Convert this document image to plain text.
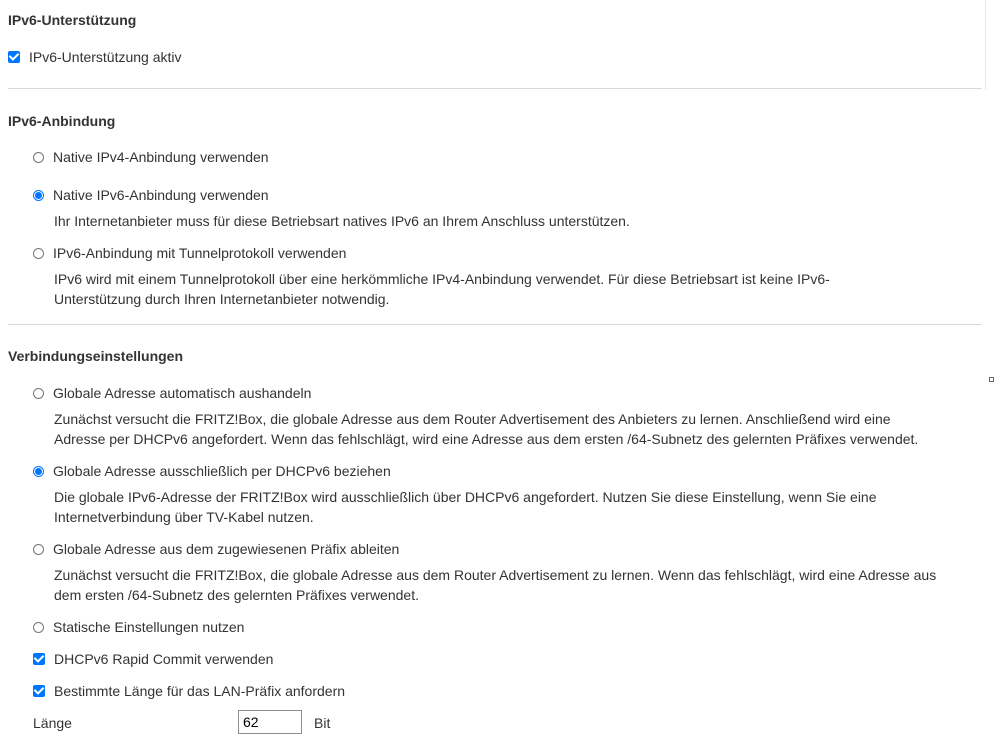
IPv6-Unterstützung
IPv6-Unterstützung aktiv
IPv6-Anbindung
Native IPv4-Anbindung verwenden
Native IPv6-Anbindung verwenden
Ihr Internetanbieter muss für diese Betriebsart natives IPv6 an Ihrem Anschluss unterstützen.
IPv6-Anbindung mit Tunnelprotokoll verwenden
IPv6 wird mit einem Tunnelprotokoll über eine herkömmliche IPv4-Anbindung verwendet. Für diese Betriebsart ist keine IPv6-
Unterstützung durch Ihren Internetanbieter notwendig.
Verbindungseinstellungen
Globale Adresse automatisch aushandeln
Zunächst versucht die FRITZ!Box, die globale Adresse aus dem Router Advertisement des Anbieters zu lernen. Anschließend wird eine
Adresse per DHCPv6 angefordert. Wenn das fehlschlägt, wird eine Adresse aus dem ersten /64-Subnetz des gelernten Präfixes verwendet.
Globale Adresse ausschließlich per DHCPv6 beziehen
Die globale IPv6-Adresse der FRITZ!Box wird ausschließlich über DHCPv6 angefordert. Nutzen Sie diese Einstellung, wenn Sie eine
Internetverbindung über TV-Kabel nutzen.
Globale Adresse aus dem zugewiesenen Präfix ableiten
Zunächst versucht die FRITZ!Box, die globale Adresse aus dem Router Advertisement zu lernen. Wenn das fehlschlägt, wird eine Adresse aus
dem ersten /64-Subnetz des gelernten Präfixes verwendet.
Statische Einstellungen nutzen
DHCPv6 Rapid Commit verwenden
Bestimmte Länge für das LAN-Präfix anfordern
Länge
62	Bit
